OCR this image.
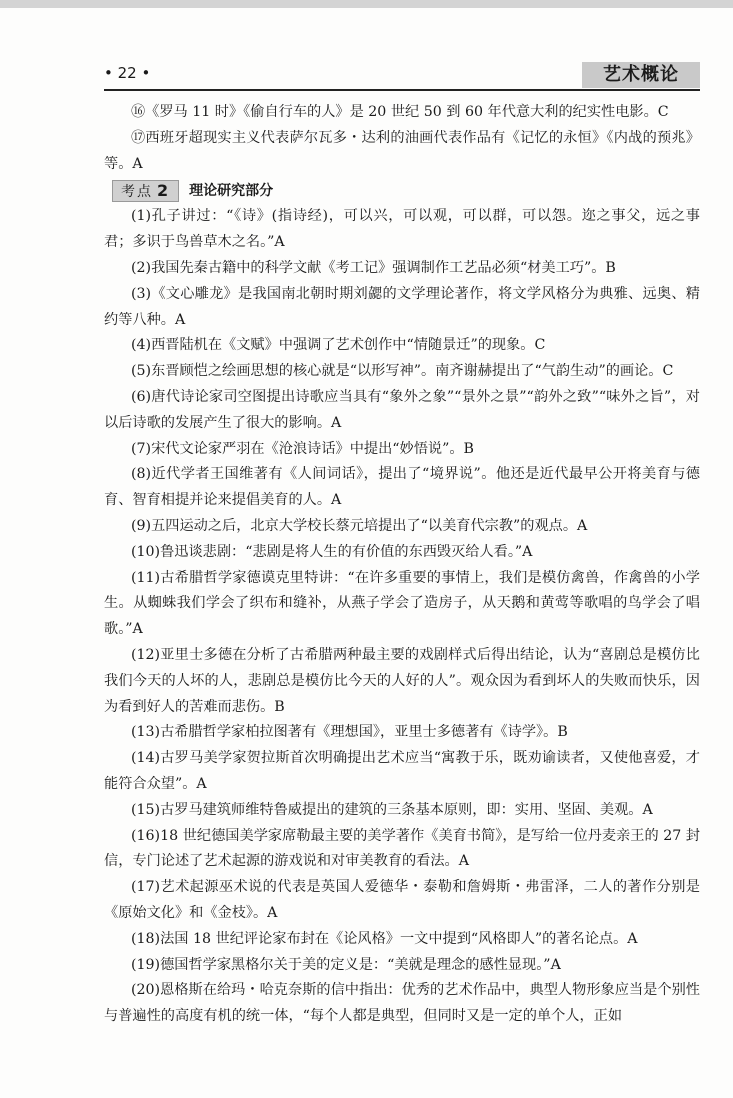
• 22 •	艺术概论

⑯《罗马 11 时》《偷自行车的人》是 20 世纪 50 到 60 年代意大利的纪实性电影。C

⑰西班牙超现实主义代表萨尔瓦多・达利的油画代表作品有《记忆的永恒》《内战的预兆》等。A

考点 2	理论研究部分

(1)孔子讲过：“《诗》(指诗经)，可以兴，可以观，可以群，可以怨。迩之事父，远之事君；多识于鸟兽草木之名。”A

(2)我国先秦古籍中的科学文献《考工记》强调制作工艺品必须“材美工巧”。B

(3)《文心雕龙》是我国南北朝时期刘勰的文学理论著作，将文学风格分为典雅、远奥、精约等八种。A

(4)西晋陆机在《文赋》中强调了艺术创作中“情随景迁”的现象。C

(5)东晋顾恺之绘画思想的核心就是“以形写神”。南齐谢赫提出了“气韵生动”的画论。C

(6)唐代诗论家司空图提出诗歌应当具有“象外之象”“景外之景”“韵外之致”“味外之旨”，对以后诗歌的发展产生了很大的影响。A

(7)宋代文论家严羽在《沧浪诗话》中提出“妙悟说”。B

(8)近代学者王国维著有《人间词话》，提出了“境界说”。他还是近代最早公开将美育与德育、智育相提并论来提倡美育的人。A

(9)五四运动之后，北京大学校长蔡元培提出了“以美育代宗教”的观点。A

(10)鲁迅谈悲剧：“悲剧是将人生的有价值的东西毁灭给人看。”A

(11)古希腊哲学家德谟克里特讲：“在许多重要的事情上，我们是模仿禽兽，作禽兽的小学生。从蜘蛛我们学会了织布和缝补，从燕子学会了造房子，从天鹅和黄莺等歌唱的鸟学会了唱歌。”A

(12)亚里士多德在分析了古希腊两种最主要的戏剧样式后得出结论，认为“喜剧总是模仿比我们今天的人坏的人，悲剧总是模仿比今天的人好的人”。观众因为看到坏人的失败而快乐，因为看到好人的苦难而悲伤。B

(13)古希腊哲学家柏拉图著有《理想国》，亚里士多德著有《诗学》。B

(14)古罗马美学家贺拉斯首次明确提出艺术应当“寓教于乐，既劝谕读者，又使他喜爱，才能符合众望”。A

(15)古罗马建筑师维特鲁威提出的建筑的三条基本原则，即：实用、坚固、美观。A

(16)18 世纪德国美学家席勒最主要的美学著作《美育书简》，是写给一位丹麦亲王的 27 封信，专门论述了艺术起源的游戏说和对审美教育的看法。A

(17)艺术起源巫术说的代表是英国人爱德华・泰勒和詹姆斯・弗雷泽，二人的著作分别是《原始文化》和《金枝》。A

(18)法国 18 世纪评论家布封在《论风格》一文中提到“风格即人”的著名论点。A

(19)德国哲学家黑格尔关于美的定义是：“美就是理念的感性显现。”A

(20)恩格斯在给玛・哈克奈斯的信中指出：优秀的艺术作品中，典型人物形象应当是个别性与普遍性的高度有机的统一体，“每个人都是典型，但同时又是一定的单个人，正如
